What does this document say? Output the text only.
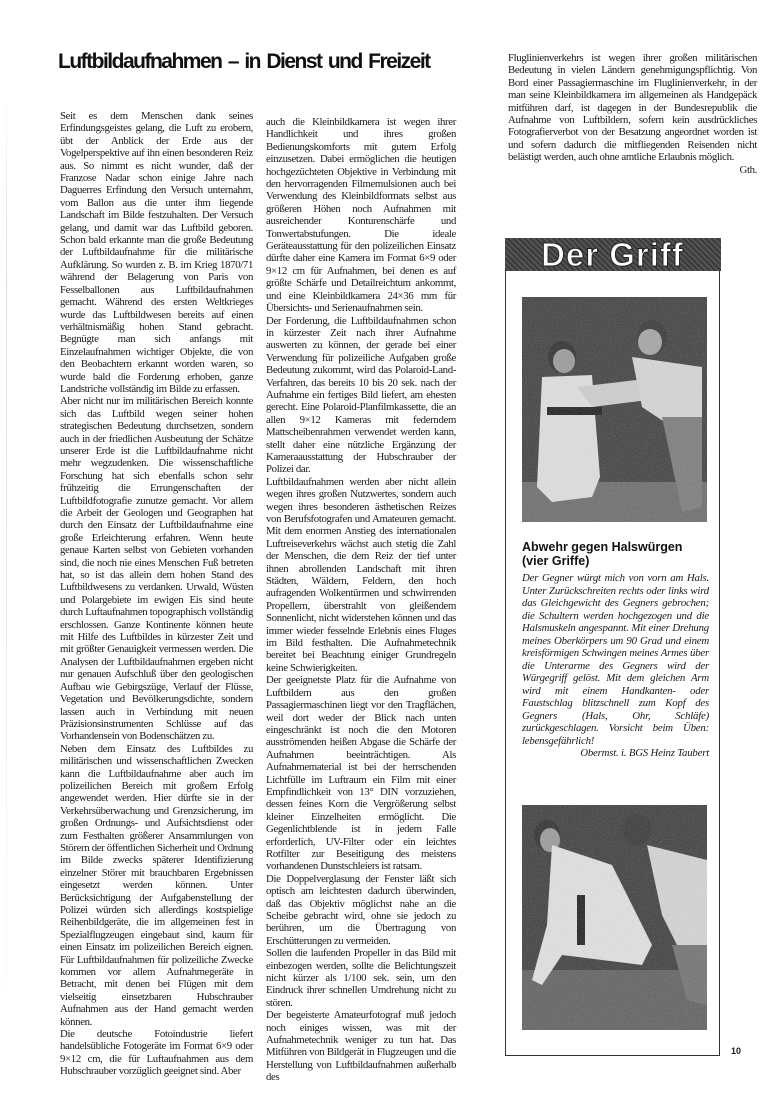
Luftbildaufnahmen – in Dienst und Freizeit

Seit es dem Menschen dank seines Erfindungsgeistes gelang, die Luft zu erobern, übt der Anblick der Erde aus der Vogelperspektive auf ihn einen besonderen Reiz aus. So nimmt es nicht wunder, daß der Franzose Nadar schon einige Jahre nach Daguerres Erfindung den Versuch unternahm, vom Ballon aus die unter ihm liegende Landschaft im Bilde festzuhalten. Der Versuch gelang, und damit war das Luftbild geboren. Schon bald erkannte man die große Bedeutung der Luftbildaufnahme für die militärische Aufklärung. So wurden z. B. im Krieg 1870/71 während der Belagerung von Paris von Fesselballonen aus Luftbildaufnahmen gemacht. Während des ersten Weltkrieges wurde das Luftbildwesen bereits auf einen verhältnismäßig hohen Stand gebracht. Begnügte man sich anfangs mit Einzelaufnahmen wichtiger Objekte, die von den Beobachtern erkannt worden waren, so wurde bald die Forderung erhoben, ganze Landstriche vollständig im Bilde zu erfassen.

Aber nicht nur im militärischen Bereich konnte sich das Luftbild wegen seiner hohen strategischen Bedeutung durchsetzen, sondern auch in der friedlichen Ausbeutung der Schätze unserer Erde ist die Luftbildaufnahme nicht mehr wegzudenken. Die wissenschaftliche Forschung hat sich ebenfalls schon sehr frühzeitig die Errungenschaften der Luftbildfotografie zunutze gemacht. Vor allem die Arbeit der Geologen und Geographen hat durch den Einsatz der Luftbildaufnahme eine große Erleichterung erfahren. Wenn heute genaue Karten selbst von Gebieten vorhanden sind, die noch nie eines Menschen Fuß betreten hat, so ist das allein dem hohen Stand des Luftbildwesens zu verdanken. Urwald, Wüsten und Polargebiete im ewigen Eis sind heute durch Luftaufnahmen topographisch vollständig erschlossen. Ganze Kontinente können heute mit Hilfe des Luftbildes in kürzester Zeit und mit größter Genauigkeit vermessen werden. Die Analysen der Luftbildaufnahmen ergeben nicht nur genauen Aufschluß über den geologischen Aufbau wie Gebirgszüge, Verlauf der Flüsse, Vegetation und Bevölkerungsdichte, sondern lassen auch in Verbindung mit neuen Präzisionsinstrumenten Schlüsse auf das Vorhandensein von Bodenschätzen zu.

Neben dem Einsatz des Luftbildes zu militärischen und wissenschaftlichen Zwecken kann die Luftbildaufnahme aber auch im polizeilichen Bereich mit großem Erfolg angewendet werden. Hier dürfte sie in der Verkehrsüberwachung und Grenzsicherung, im großen Ordnungs- und Aufsichtsdienst oder zum Festhalten größerer Ansammlungen von Störern der öffentlichen Sicherheit und Ordnung im Bilde zwecks späterer Identifizierung einzelner Störer mit brauchbaren Ergebnissen eingesetzt werden können. Unter Berücksichtigung der Aufgabenstellung der Polizei würden sich allerdings kostspielige Reihenbildgeräte, die im allgemeinen fest in Spezialflugzeugen eingebaut sind, kaum für einen Einsatz im polizeilichen Bereich eignen. Für Luftbildaufnahmen für polizeiliche Zwecke kommen vor allem Aufnahmegeräte in Betracht, mit denen bei Flügen mit dem vielseitig einsetzbaren Hubschrauber Aufnahmen aus der Hand gemacht werden können.

Die deutsche Fotoindustrie liefert handelsübliche Fotogeräte im Format 6×9 oder 9×12 cm, die für Luftaufnahmen aus dem Hubschrauber vorzüglich geeignet sind. Aber

auch die Kleinbildkamera ist wegen ihrer Handlichkeit und ihres großen Bedienungskomforts mit gutem Erfolg einzusetzen. Dabei ermöglichen die heutigen hochgezüchteten Objektive in Verbindung mit den hervorragenden Filmemulsionen auch bei Verwendung des Kleinbildformats selbst aus größeren Höhen noch Aufnahmen mit ausreichender Konturenschärfe und Tonwertabstufungen. Die ideale Geräteausstattung für den polizeilichen Einsatz dürfte daher eine Kamera im Format 6×9 oder 9×12 cm für Aufnahmen, bei denen es auf größte Schärfe und Detailreichtum ankommt, und eine Kleinbildkamera 24×36 mm für Übersichts- und Serienaufnahmen sein.

Der Forderung, die Luftbildaufnahmen schon in kürzester Zeit nach ihrer Aufnahme auswerten zu können, der gerade bei einer Verwendung für polizeiliche Aufgaben große Bedeutung zukommt, wird das Polaroid-Land-Verfahren, das bereits 10 bis 20 sek. nach der Aufnahme ein fertiges Bild liefert, am ehesten gerecht. Eine Polaroid-Planfilmkassette, die an allen 9×12 Kameras mit federndem Mattscheibenrahmen verwendet werden kann, stellt daher eine nützliche Ergänzung der Kameraausstattung der Hubschrauber der Polizei dar.

Luftbildaufnahmen werden aber nicht allein wegen ihres großen Nutzwertes, sondern auch wegen ihres besonderen ästhetischen Reizes von Berufsfotografen und Amateuren gemacht. Mit dem enormen Anstieg des internationalen Luftreiseverkehrs wächst auch stetig die Zahl der Menschen, die dem Reiz der tief unter ihnen abrollenden Landschaft mit ihren Städten, Wäldern, Feldern, den hoch aufragenden Wolkentürmen und schwirrenden Propellern, überstrahlt von gleißendem Sonnenlicht, nicht widerstehen können und das immer wieder fesselnde Erlebnis eines Fluges im Bild festhalten. Die Aufnahmetechnik bereitet bei Beachtung einiger Grundregeln keine Schwierigkeiten.

Der geeignetste Platz für die Aufnahme von Luftbildern aus den großen Passagiermaschinen liegt vor den Tragflächen, weil dort weder der Blick nach unten eingeschränkt ist noch die den Motoren ausströmenden heißen Abgase die Schärfe der Aufnahmen beeinträchtigen. Als Aufnahmematerial ist bei der herrschenden Lichtfülle im Luftraum ein Film mit einer Empfindlichkeit von 13° DIN vorzuziehen, dessen feines Korn die Vergrößerung selbst kleiner Einzelheiten ermöglicht. Die Gegenlichtblende ist in jedem Falle erforderlich, UV-Filter oder ein leichtes Rotfilter zur Beseitigung des meistens vorhandenen Dunstschleiers ist ratsam.

Die Doppelverglasung der Fenster läßt sich optisch am leichtesten dadurch überwinden, daß das Objektiv möglichst nahe an die Scheibe gebracht wird, ohne sie jedoch zu berühren, um die Übertragung von Erschütterungen zu vermeiden.

Sollen die laufenden Propeller in das Bild mit einbezogen werden, sollte die Belichtungszeit nicht kürzer als 1/100 sek. sein, um den Eindruck ihrer schnellen Umdrehung nicht zu stören.

Der begeisterte Amateurfotograf muß jedoch noch einiges wissen, was mit der Aufnahmetechnik weniger zu tun hat. Das Mitführen von Bildgerät in Flugzeugen und die Herstellung von Luftbildaufnahmen außerhalb des

Fluglinienverkehrs ist wegen ihrer großen militärischen Bedeutung in vielen Ländern genehmigungspflichtig. Von Bord einer Passagiermaschine im Fluglinienverkehr, in der man seine Kleinbildkamera im allgemeinen als Handgepäck mitführen darf, ist dagegen in der Bundesrepublik die Aufnahme von Luftbildern, sofern kein ausdrückliches Fotografierverbot von der Besatzung angeordnet worden ist und sofern dadurch die mitfliegenden Reisenden nicht belästigt werden, auch ohne amtliche Erlaubnis möglich.

Gth.

Der Griff
Abwehr gegen Halswürgen (vier Griffe)

Der Gegner würgt mich von vorn am Hals. Unter Zurückschreiten rechts oder links wird das Gleichgewicht des Gegners gebrochen; die Schultern werden hochgezogen und die Halsmuskeln angespannt. Mit einer Drehung meines Oberkörpers um 90 Grad und einem kreisförmigen Schwingen meines Armes über die Unterarme des Gegners wird der Würgegriff gelöst. Mit dem gleichen Arm wird mit einem Handkanten- oder Faustschlag blitzschnell zum Kopf des Gegners (Hals, Ohr, Schläfe) zurückgeschlagen. Vorsicht beim Üben: lebensgefährlich!

Obermst. i. BGS Heinz Taubert

10
